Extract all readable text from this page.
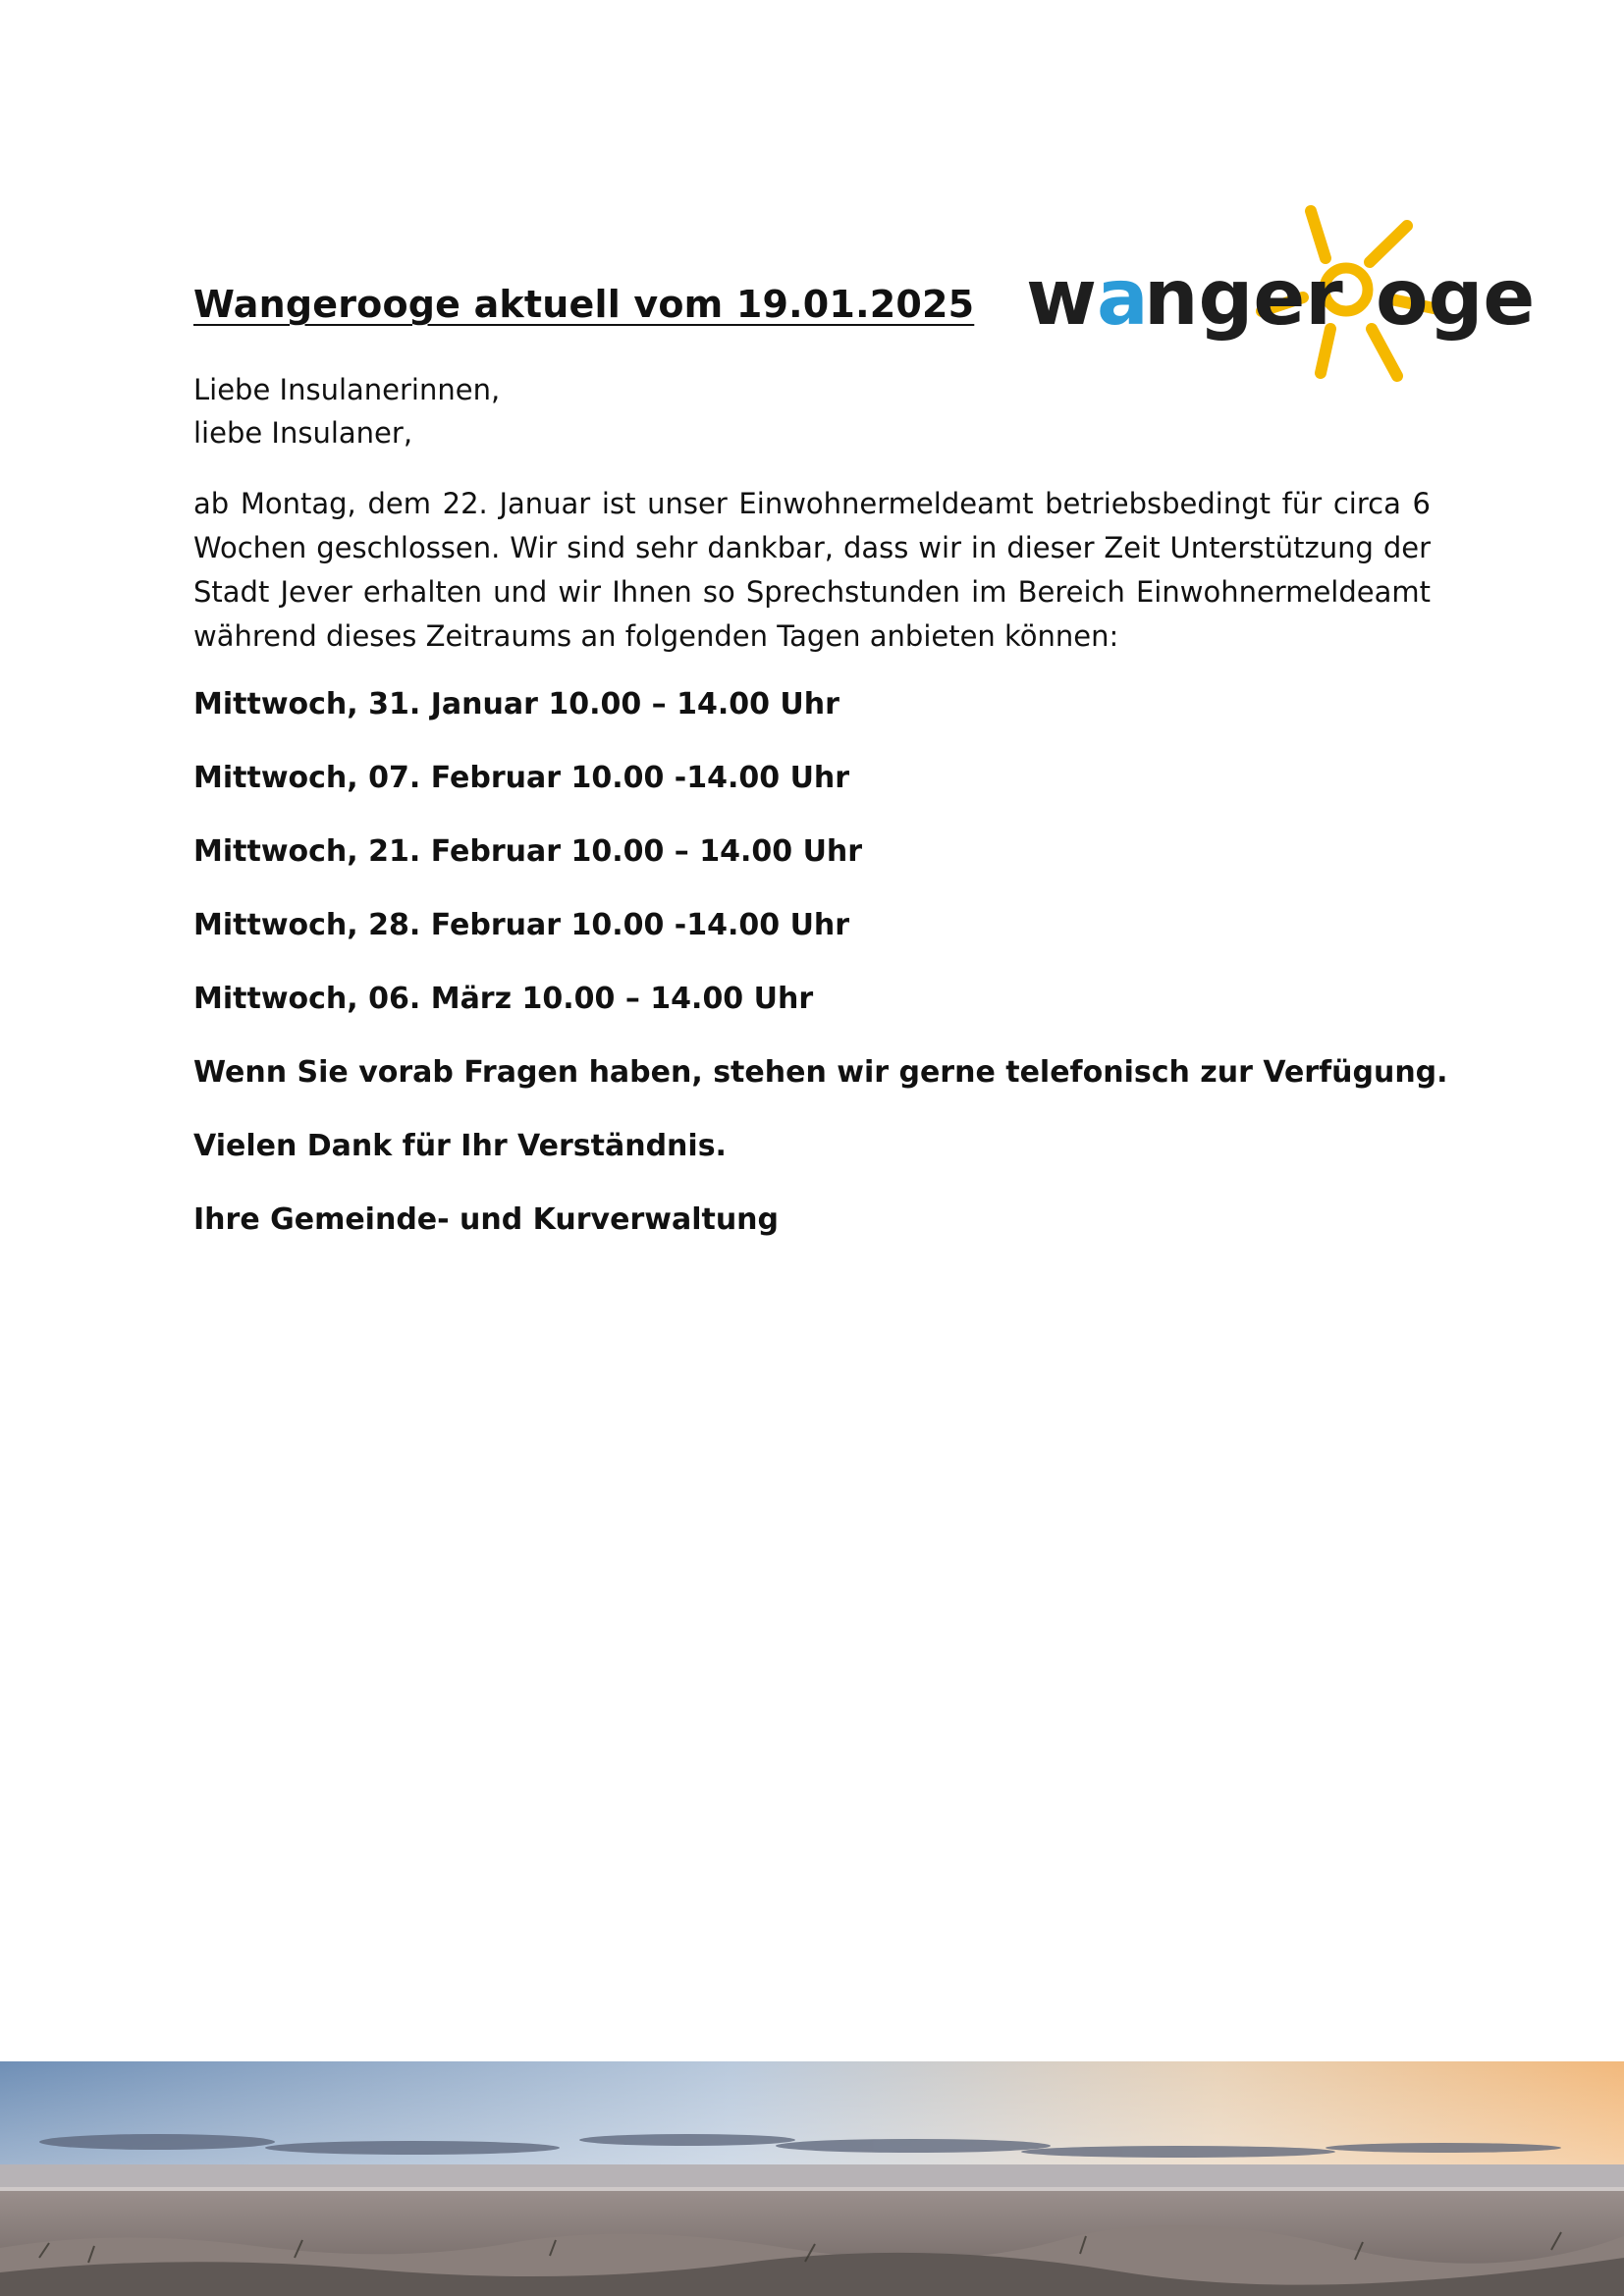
w a
nger oge
Wangerooge aktuell vom 19.01.2025
Liebe Insulanerinnen,
liebe Insulaner,

ab Montag, dem 22. Januar ist unser Einwohnermeldeamt betriebsbedingt für circa 6 Wochen geschlossen. Wir sind sehr dankbar, dass wir in dieser Zeit Unterstützung der Stadt Jever erhalten und wir Ihnen so Sprechstunden im Bereich Einwohnermeldeamt während dieses Zeitraums an folgenden Tagen anbieten können:

Mittwoch, 31. Januar 10.00 – 14.00 Uhr

Mittwoch, 07. Februar 10.00 -14.00 Uhr

Mittwoch, 21. Februar 10.00 – 14.00 Uhr

Mittwoch, 28. Februar 10.00 -14.00 Uhr

Mittwoch, 06. März 10.00 – 14.00 Uhr

Wenn Sie vorab Fragen haben, stehen wir gerne telefonisch zur Verfügung.

Vielen Dank für Ihr Verständnis.

Ihre Gemeinde- und Kurverwaltung
